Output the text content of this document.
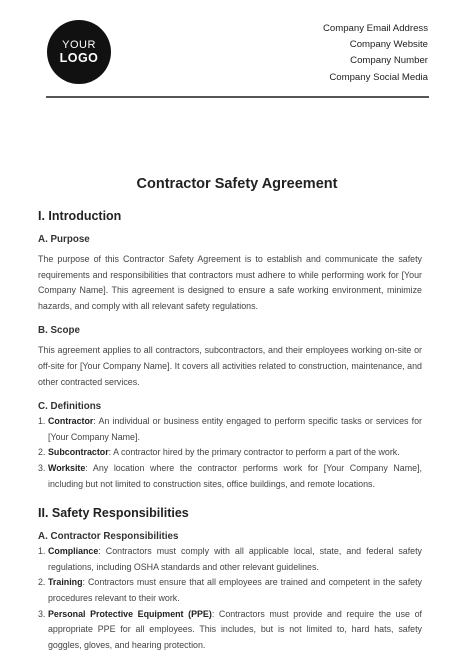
YOUR
LOGO
Company Email Address
Company Website
Company Number
Company Social Media
Contractor Safety Agreement
I. Introduction
A. Purpose

The purpose of this Contractor Safety Agreement is to establish and communicate the safety requirements and responsibilities that contractors must adhere to while performing work for [Your Company Name]. This agreement is designed to ensure a safe working environment, minimize hazards, and comply with all relevant safety regulations.

B. Scope

This agreement applies to all contractors, subcontractors, and their employees working on-site or off-site for [Your Company Name]. It covers all activities related to construction, maintenance, and other contracted services.

C. Definitions
1. Contractor: An individual or business entity engaged to perform specific tasks or services for [Your Company Name].
2. Subcontractor: A contractor hired by the primary contractor to perform a part of the work.
3. Worksite: Any location where the contractor performs work for [Your Company Name], including but not limited to construction sites, office buildings, and remote locations.
II. Safety Responsibilities
A. Contractor Responsibilities
1. Compliance: Contractors must comply with all applicable local, state, and federal safety regulations, including OSHA standards and other relevant guidelines.
2. Training: Contractors must ensure that all employees are trained and competent in the safety procedures relevant to their work.
3. Personal Protective Equipment (PPE): Contractors must provide and require the use of appropriate PPE for all employees. This includes, but is not limited to, hard hats, safety goggles, gloves, and hearing protection.
